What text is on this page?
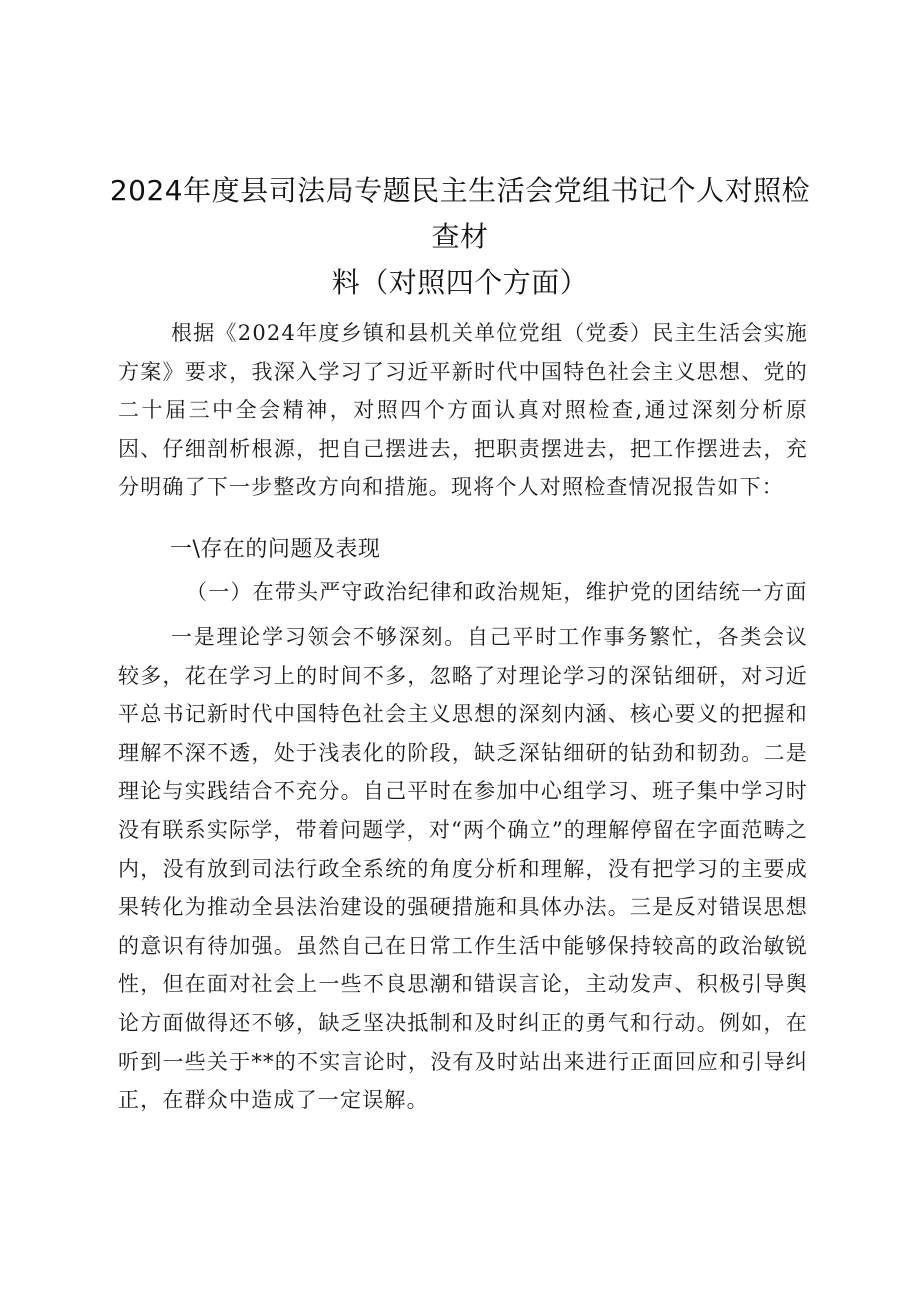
2024年度县司法局专题民主生活会党组书记个人对照检查材
料（对照四个方面）

根据《2024年度乡镇和县机关单位党组（党委）民主生活会实施方案》要求，我深入学习了习近平新时代中国特色社会主义思想、党的二十届三中全会精神，对照四个方面认真对照检查,通过深刻分析原因、仔细剖析根源，把自己摆进去，把职责摆进去，把工作摆进去，充分明确了下一步整改方向和措施。现将个人对照检查情况报告如下：

一\存在的问题及表现
（一）在带头严守政治纪律和政治规矩，维护党的团结统一方面

一是理论学习领会不够深刻。自己平时工作事务繁忙，各类会议较多，花在学习上的时间不多，忽略了对理论学习的深钻细研，对习近平总书记新时代中国特色社会主义思想的深刻内涵、核心要义的把握和理解不深不透，处于浅表化的阶段，缺乏深钻细研的钻劲和韧劲。二是理论与实践结合不充分。自己平时在参加中心组学习、班子集中学习时没有联系实际学，带着问题学，对“两个确立”的理解停留在字面范畴之内，没有放到司法行政全系统的角度分析和理解，没有把学习的主要成果转化为推动全县法治建设的强硬措施和具体办法。三是反对错误思想的意识有待加强。虽然自己在日常工作生活中能够保持较高的政治敏锐性，但在面对社会上一些不良思潮和错误言论，主动发声、积极引导舆论方面做得还不够，缺乏坚决抵制和及时纠正的勇气和行动。例如，在听到一些关于**的不实言论时，没有及时站出来进行正面回应和引导纠正，在群众中造成了一定误解。
